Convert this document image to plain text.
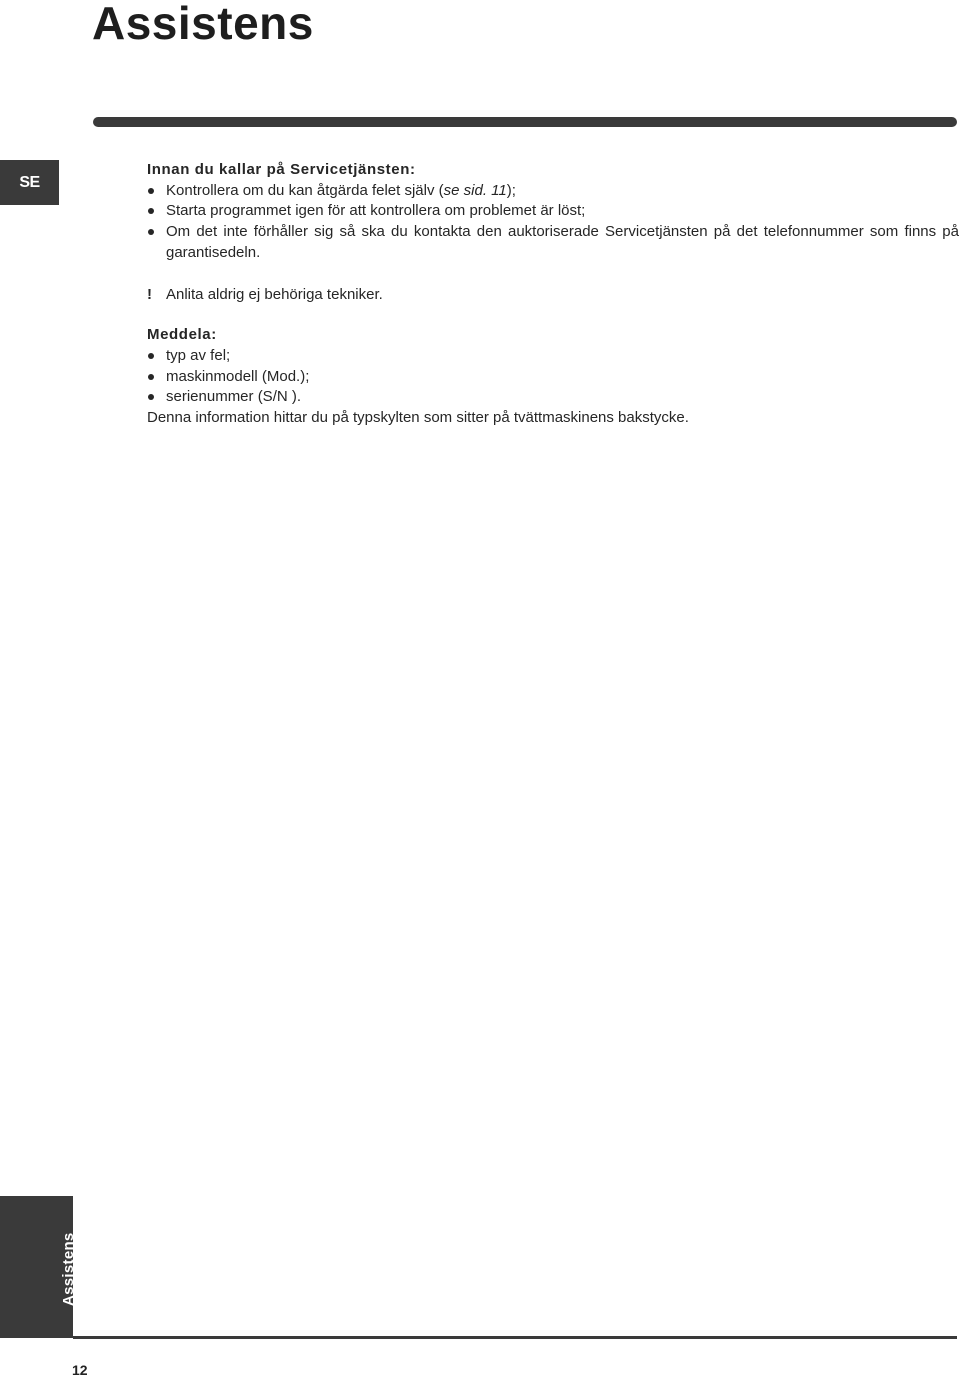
Assistens
SE

Innan du kallar på Servicetjänsten:

Kontrollera om du kan åtgärda felet själv (se sid. 11);
Starta programmet igen för att kontrollera om problemet är löst;
Om det inte förhåller sig så ska du kontakta den auktoriserade Servicetjänsten på det telefonnummer som finns på garantisedeln.
! Anlita aldrig ej behöriga tekniker.

Meddela:

typ av fel;
maskinmodell (Mod.);
serienummer (S/N ).
Denna information hittar du på typskylten som sitter på tvättmaskinens bakstycke.
Assistens
12
